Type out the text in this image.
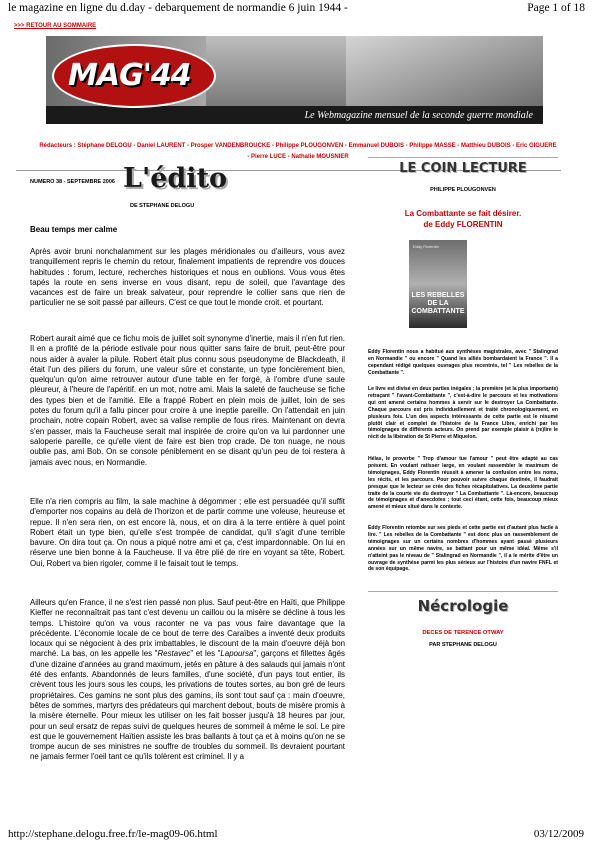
le magazine en ligne du d.day - debarquement de normandie 6 juin 1944 -	Page 1 of 18
>>> RETOUR AU SOMMAIRE
Le Webmagazine mensuel de la seconde guerre mondiale
MAG'44
Rédacteurs : Stéphane DELOGU - Daniel LAURENT - Prosper VANDENBROUCKE - Philippe PLOUGONVEN - Emmanuel DUBOIS - Philippe MASSE - Matthieu DUBOIS - Eric GIGUERE
- Pierre LUCE - Nathalie MOUSNIER
NUMERO 38 - SEPTEMBRE 2006 L'édito
DE STEPHANE DELOGU
Beau temps mer calme

Après avoir bruni nonchalamment sur les plages méridionales ou d'ailleurs, vous avez tranquillement repris le chemin du retour, finalement impatients de reprendre vos douces habitudes : forum, lecture, recherches historiques et nous en oublions. Vous vous êtes tapés la route en sens inverse en vous disant, repu de soleil, que l'avantage des vacances est de faire un break salvateur, pour reprendre le collier sans que rien de particulier ne se soit passé par ailleurs. C'est ce que tout le monde croit. et pourtant.

Robert aurait aimé que ce fichu mois de juillet soit synonyme d'inertie, mais il n'en fut rien. Il en a profité de la période estivale pour nous quitter sans faire de bruit, peut-être pour nous aider à avaler la pilule. Robert était plus connu sous pseudonyme de Blackdeath, il était l'un des piliers du forum, une valeur sûre et constante, un type foncièrement bien, quelqu'un qu'on aime retrouver autour d'une table en fer forgé, à l'ombre d'une saule pleureur, à l'heure de l'apéritif. en un mot, notre ami. Mais la saleté de faucheuse se fiche des types bien et de l'amitié. Elle a frappé Robert en plein mois de juillet, loin de ses potes du forum qu'il a fallu pincer pour croire à une ineptie pareille. On l'attendait en juin prochain, notre copain Robert, avec sa valise remplie de fous rires. Maintenant on devra s'en passer, mais la Faucheuse serait mal inspirée de croire qu'on va lui pardonner une saloperie pareille, ce qu'elle vient de faire est bien trop crade. De ton nuage, ne nous oublie pas, ami Bob. On se console péniblement en se disant qu'un peu de toi restera à jamais avec nous, en Normandie.

Elle n'a rien compris au film, la sale machine à dégommer ; elle est persuadée qu'il suffit d'emporter nos copains au delà de l'horizon et de partir comme une voleuse, heureuse et repue. Il n'en sera rien, on est encore là, nous, et on dira à la terre entière à quel point Robert était un type bien, qu'elle s'est trompée de candidat, qu'il s'agit d'une terrible bavure. On dira tout ça. On nous a piqué notre ami et ça, c'est impardonnable. On lui en réserve une bien bonne à la Faucheuse. Il va être plié de rire en voyant sa tête, Robert. Oui, Robert va bien rigoler, comme il le faisait tout le temps.

Ailleurs qu'en France, il ne s'est rien passé non plus. Sauf peut-être en Haïti, que Philippe Kieffer ne reconnaîtrait pas tant c'est devenu un caillou ou la misère se décline à tous les temps. L'histoire qu'on va vous raconter ne va pas vous faire davantage que la précédente. L'économie locale de ce bout de terre des Caraïbes a inventé deux produits locaux qui se négocient à des prix imbattables, le discount de la main d'oeuvre déjà bon marché. La bas, on les appelle les "Restavec" et les "Lapoursa", garçons et fillettes âgés d'une dizaine d'années au grand maximum, jetés en pâture à des salauds qui jamais n'ont été des enfants. Abandonnés de leurs familles, d'une société, d'un pays tout entier, ils crèvent tous les jours sous les coups, les privations de toutes sortes, au bon gré de leurs propriétaires. Ces gamins ne sont plus des gamins, ils sont tout sauf ça : main d'oeuvre, bêtes de sommes, martyrs des prédateurs qui marchent debout, bouts de misère promis à la misère éternelle. Pour mieux les utiliser on les fait bosser jusqu'à 18 heures par jour, pour un seul ersatz de repas suivi de quelques heures de sommeil à même le sol. Le pire est que le gouvernement Haïtien assiste les bras ballants à tout ça et à moins qu'on ne se trompe aucun de ses ministres ne souffre de troubles du sommeil. Ils devraient pourtant ne jamais fermer l'oeil tant ce qu'ils tolèrent est criminel. Il y a

LE COIN LECTURE
PHILIPPE PLOUGONVEN
La Combattante se fait désirer.
de Eddy FLORENTIN
Eddy Florentin
LES REBELLES DE LA COMBATTANTE

Eddy Florentin nous a habitué aux synthèses magistrales, avec " Stalingrad en Normandie " ou encore " Quand les alliés bombardaient la France ". Il a cependant rédigé quelques ouvrages plus recentrés, tel " Les rebelles de la Combattante ".

Le livre est divisé en deux parties inégales ; la première (et la plus importante) retraçant " l'avant-Combattante ", c'est-à-dire le parcours et les motivations qui ont amené certains hommes à servir sur le destroyer La Combattante. Chaque parcours est pris individuellement et traité chronologiquement, en plusieurs fois. L'un des aspects intéressants de cette partie est le résumé plutôt clair et complet de l'histoire de la France Libre, enrichi par les témoignages de différents acteurs. On prend par exemple plaisir à (re)lire le récit de la libération de St Pierre et Miquelon.

Hélas, le proverbe " Trop d'amour tue l'amour " peut être adapté au cas présent. En voulant ratisser large, en voulant rassembler le maximum de témoignages, Eddy Florentin réussit à amener la confusion entre les noms, les récits, et les parcours. Pour pouvoir suivre chaque destinée, il faudrait presque que le lecteur se crée des fiches récapitulatives. La deuxième partie traite de la courte vie du destroyer " La Combattante ". Là-encore, beaucoup de témoignages et d'anecdotes ; tout ceci étant, cette fois, beaucoup mieux amené et mieux situé dans le contexte.

Eddy Florentin retombe sur ses pieds et cette partie est d'autant plus facile à lire. " Les rebelles de la Combattante " est donc plus un rassemblement de témoignages sur un certains nombres d'hommes ayant passé plusieurs années sur un même navire, se battant pour un même idéal. Même s'il n'atteint pas le niveau de " Stalingrad en Normandie ", il a le mérite d'être un ouvrage de synthèse parmi les plus sérieux sur l'histoire d'un navire FNFL et de son équipage.

Nécrologie
DECES DE TERENCE OTWAY
PAR STEPHANE DELOGU
http://stephane.delogu.free.fr/le-mag09-06.html	03/12/2009
